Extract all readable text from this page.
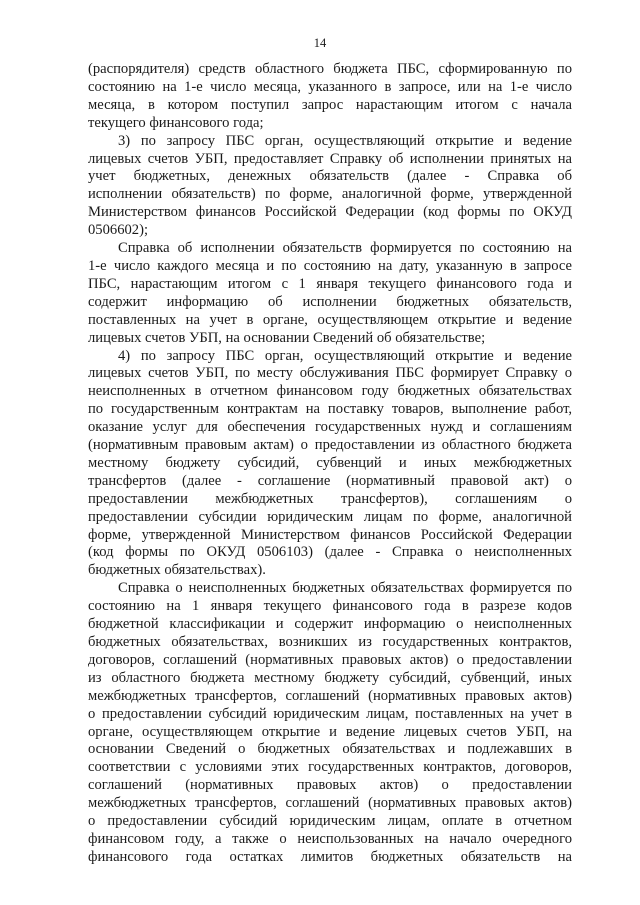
14

(распорядителя) средств областного бюджета ПБС, сформированную по
состоянию на 1-е число месяца, указанного в запросе, или на 1-е число
месяца, в котором поступил запрос нарастающим итогом с начала
текущего финансового года;

3) по запросу ПБС орган, осуществляющий открытие и ведение
лицевых счетов УБП, предоставляет Справку об исполнении принятых на
учет бюджетных, денежных обязательств (далее - Справка об
исполнении обязательств) по форме, аналогичной форме, утвержденной
Министерством финансов Российской Федерации (код формы по ОКУД
0506602);

Справка об исполнении обязательств формируется по состоянию на
1-е число каждого месяца и по состоянию на дату, указанную в запросе
ПБС, нарастающим итогом с 1 января текущего финансового года и
содержит информацию об исполнении бюджетных обязательств,
поставленных на учет в органе, осуществляющем открытие и ведение
лицевых счетов УБП, на основании Сведений об обязательстве;

4) по запросу ПБС орган, осуществляющий открытие и ведение
лицевых счетов УБП, по месту обслуживания ПБС формирует Справку о
неисполненных в отчетном финансовом году бюджетных обязательствах
по государственным контрактам на поставку товаров, выполнение работ,
оказание услуг для обеспечения государственных нужд и соглашениям
(нормативным правовым актам) о предоставлении из областного бюджета
местному бюджету субсидий, субвенций и иных межбюджетных
трансфертов (далее - соглашение (нормативный правовой акт) о
предоставлении межбюджетных трансфертов), соглашениям о
предоставлении субсидии юридическим лицам по форме, аналогичной
форме, утвержденной Министерством финансов Российской Федерации
(код формы по ОКУД 0506103) (далее - Справка о неисполненных
бюджетных обязательствах).

Справка о неисполненных бюджетных обязательствах формируется по
состоянию на 1 января текущего финансового года в разрезе кодов
бюджетной классификации и содержит информацию о неисполненных
бюджетных обязательствах, возникших из государственных контрактов,
договоров, соглашений (нормативных правовых актов) о предоставлении
из областного бюджета местному бюджету субсидий, субвенций, иных
межбюджетных трансфертов, соглашений (нормативных правовых актов)
о предоставлении субсидий юридическим лицам, поставленных на учет в
органе, осуществляющем открытие и ведение лицевых счетов УБП, на
основании Сведений о бюджетных обязательствах и подлежавших в
соответствии с условиями этих государственных контрактов, договоров,
соглашений (нормативных правовых актов) о предоставлении
межбюджетных трансфертов, соглашений (нормативных правовых актов)
о предоставлении субсидий юридическим лицам, оплате в отчетном
финансовом году, а также о неиспользованных на начало очередного
финансового года остатках лимитов бюджетных обязательств на
